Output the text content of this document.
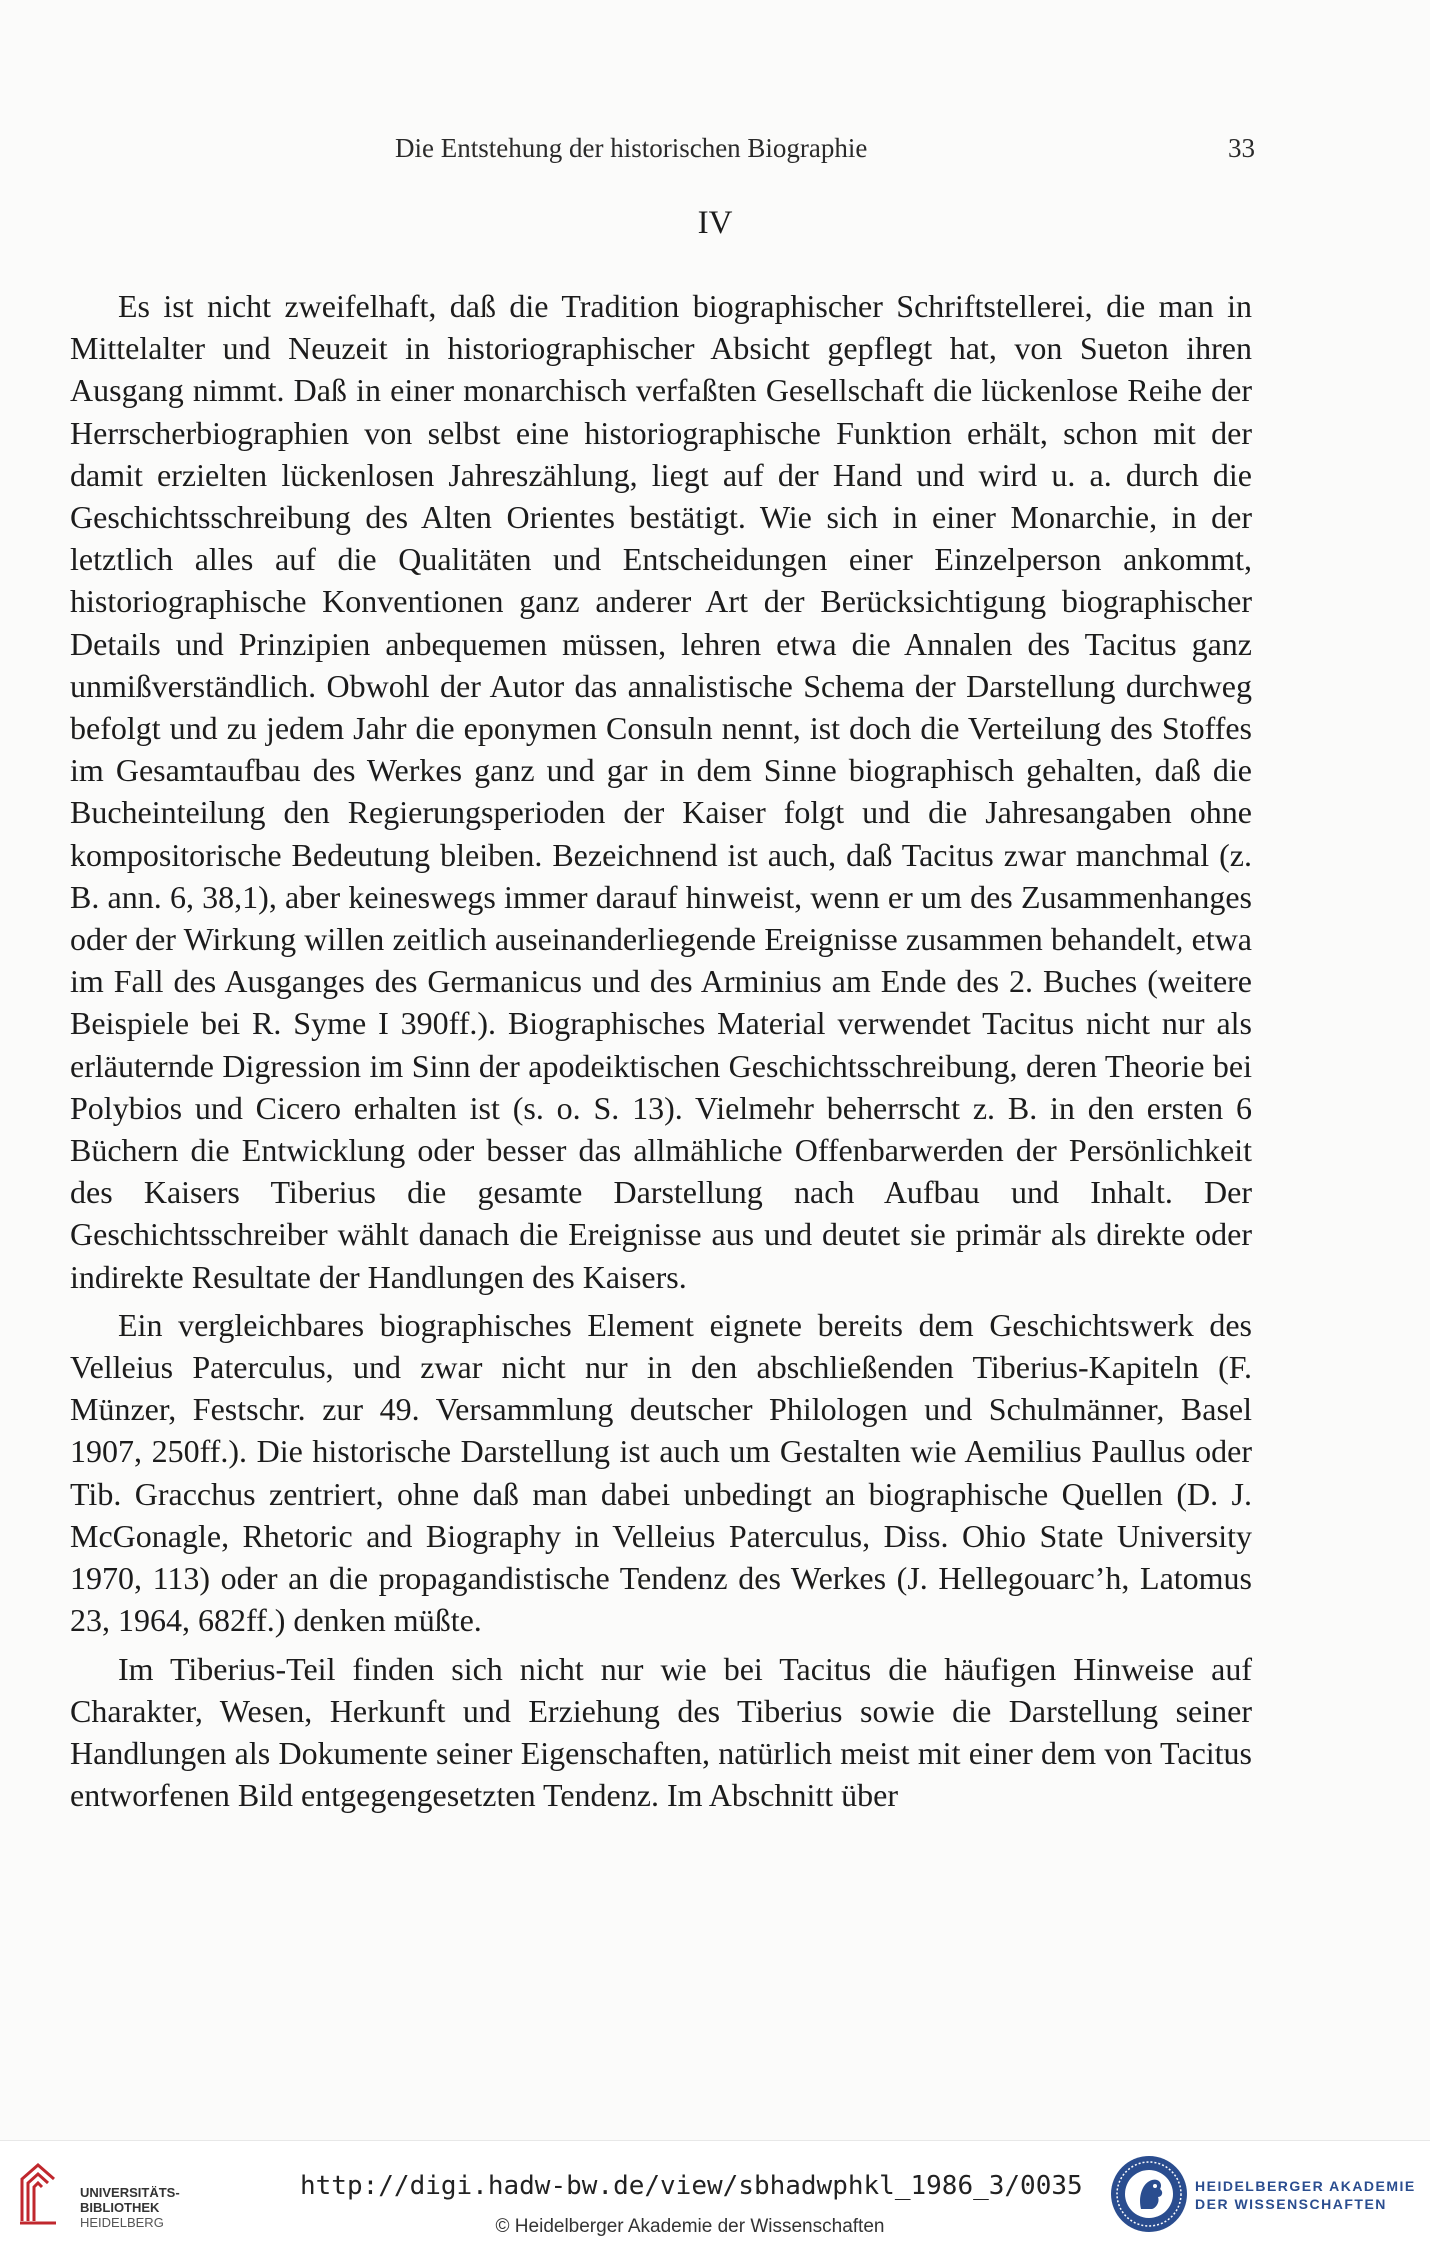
Die Entstehung der historischen Biographie	33
IV

Es ist nicht zweifelhaft, daß die Tradition biographischer Schriftstellerei, die man in Mittelalter und Neuzeit in historiographischer Absicht gepflegt hat, von Sueton ihren Ausgang nimmt. Daß in einer monarchisch verfaßten Gesellschaft die lückenlose Reihe der Herrscherbiographien von selbst eine historiographische Funktion erhält, schon mit der damit erzielten lückenlosen Jahreszählung, liegt auf der Hand und wird u. a. durch die Geschichtsschreibung des Alten Orientes bestätigt. Wie sich in einer Monarchie, in der letztlich alles auf die Qualitäten und Entscheidungen einer Einzelperson ankommt, historiographische Konventionen ganz anderer Art der Berücksichtigung biographischer Details und Prinzipien anbequemen müssen, lehren etwa die Annalen des Tacitus ganz unmißverständlich. Obwohl der Autor das annalistische Schema der Darstellung durchweg befolgt und zu jedem Jahr die eponymen Consuln nennt, ist doch die Verteilung des Stoffes im Gesamtaufbau des Werkes ganz und gar in dem Sinne biographisch gehalten, daß die Bucheinteilung den Regierungsperioden der Kaiser folgt und die Jahresangaben ohne kompositorische Bedeutung bleiben. Bezeichnend ist auch, daß Tacitus zwar manchmal (z. B. ann. 6, 38,1), aber keineswegs immer darauf hinweist, wenn er um des Zusammenhanges oder der Wirkung willen zeitlich auseinanderliegende Ereignisse zusammen behandelt, etwa im Fall des Ausganges des Germanicus und des Arminius am Ende des 2. Buches (weitere Beispiele bei R. Syme I 390ff.). Biographisches Material verwendet Tacitus nicht nur als erläuternde Digression im Sinn der apodeiktischen Geschichtsschreibung, deren Theorie bei Polybios und Cicero erhalten ist (s. o. S. 13). Vielmehr beherrscht z. B. in den ersten 6 Büchern die Entwicklung oder besser das allmähliche Offenbarwerden der Persönlichkeit des Kaisers Tiberius die gesamte Darstellung nach Aufbau und Inhalt. Der Geschichtsschreiber wählt danach die Ereignisse aus und deutet sie primär als direkte oder indirekte Resultate der Handlungen des Kaisers.

Ein vergleichbares biographisches Element eignete bereits dem Geschichtswerk des Velleius Paterculus, und zwar nicht nur in den abschließenden Tiberius-Kapiteln (F. Münzer, Festschr. zur 49. Versammlung deutscher Philologen und Schulmänner, Basel 1907, 250ff.). Die historische Darstellung ist auch um Gestalten wie Aemilius Paullus oder Tib. Gracchus zentriert, ohne daß man dabei unbedingt an biographische Quellen (D. J. McGonagle, Rhetoric and Biography in Velleius Paterculus, Diss. Ohio State University 1970, 113) oder an die propagandistische Tendenz des Werkes (J. Hellegouarc’h, Latomus 23, 1964, 682ff.) denken müßte.

Im Tiberius-Teil finden sich nicht nur wie bei Tacitus die häufigen Hinweise auf Charakter, Wesen, Herkunft und Erziehung des Tiberius sowie die Darstellung seiner Handlungen als Dokumente seiner Eigenschaften, natürlich meist mit einer dem von Tacitus entworfenen Bild entgegengesetzten Tendenz. Im Abschnitt über

UNIVERSITÄTS-
BIBLIOTHEK
HEIDELBERG
http://digi.hadw-bw.de/view/sbhadwphkl_1986_3/0035
© Heidelberger Akademie der Wissenschaften
HEIDELBERGER AKADEMIE
DER WISSENSCHAFTEN
